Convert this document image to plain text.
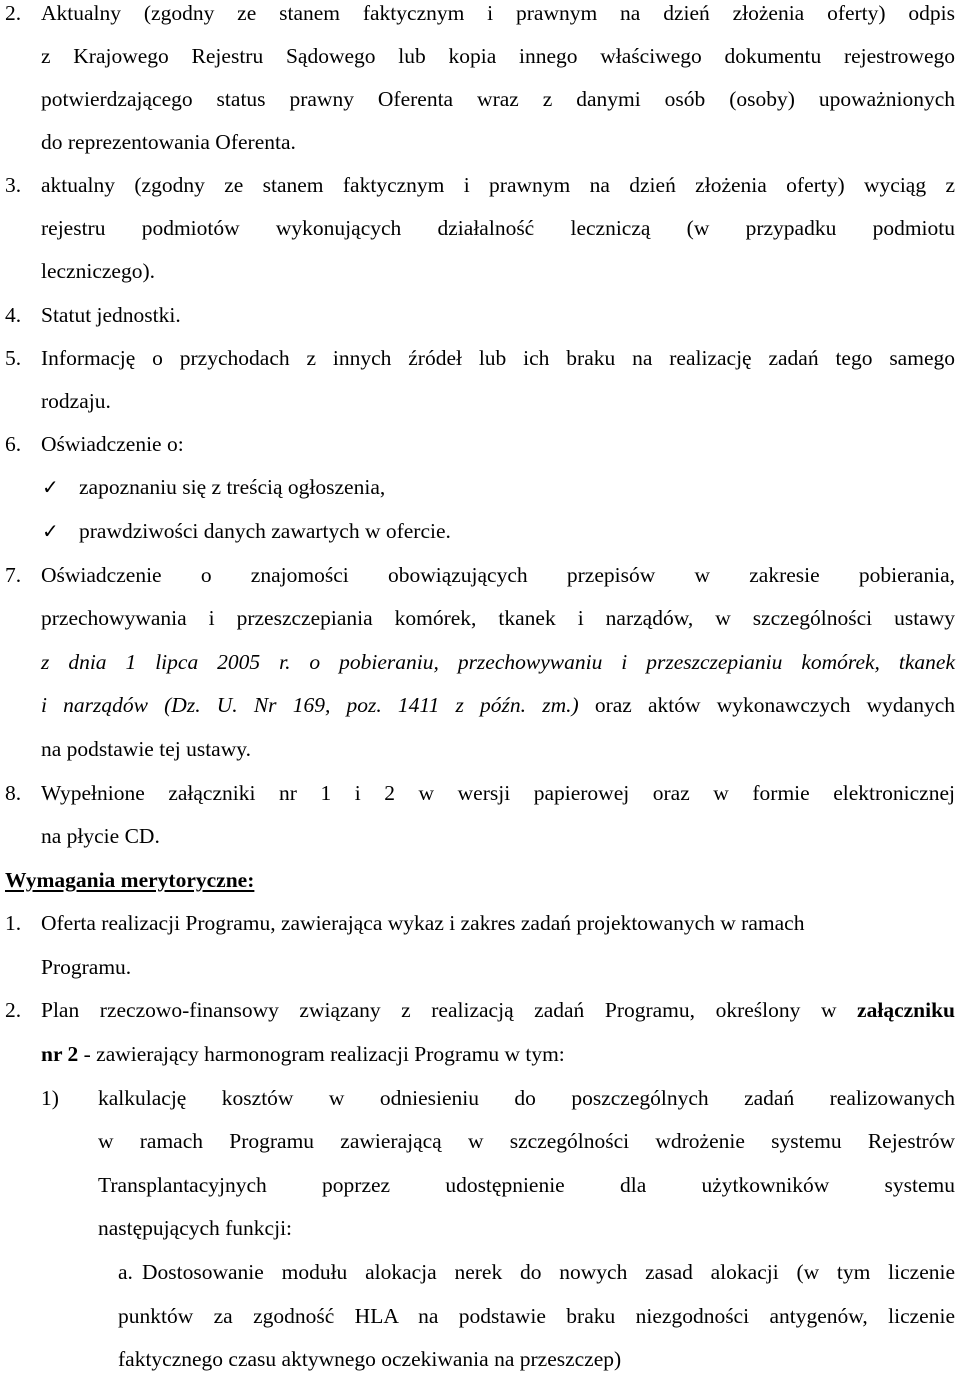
2. Aktualny (zgodny ze stanem faktycznym i prawnym na dzień złożenia oferty) odpis
z Krajowego Rejestru Sądowego lub kopia innego właściwego dokumentu rejestrowego
potwierdzającego status prawny Oferenta wraz z danymi osób (osoby) upoważnionych
do reprezentowania Oferenta.
3. aktualny (zgodny ze stanem faktycznym i prawnym na dzień złożenia oferty) wyciąg z
rejestru podmiotów wykonujących działalność leczniczą (w przypadku podmiotu
leczniczego).
4. Statut jednostki.
5. Informację o przychodach z innych źródeł lub ich braku na realizację zadań tego samego
rodzaju.
6. Oświadczenie o:
✓ zapoznaniu się z treścią ogłoszenia,
✓ prawdziwości danych zawartych w ofercie.
7. Oświadczenie o znajomości obowiązujących przepisów w zakresie pobierania,
przechowywania i przeszczepiania komórek, tkanek i narządów, w szczególności ustawy
z dnia 1 lipca 2005 r. o pobieraniu, przechowywaniu i przeszczepianiu komórek, tkanek
i narządów (Dz. U. Nr 169, poz. 1411 z późn. zm.) oraz aktów wykonawczych wydanych
na podstawie tej ustawy.
8. Wypełnione załączniki nr 1 i 2 w wersji papierowej oraz w formie elektronicznej
na płycie CD.
Wymagania merytoryczne:
1. Oferta realizacji Programu, zawierająca wykaz i zakres zadań projektowanych w ramach
Programu.
2. Plan rzeczowo-finansowy związany z realizacją zadań Programu, określony w załączniku
nr 2 - zawierający harmonogram realizacji Programu w tym:
1) kalkulację kosztów w odniesieniu do poszczególnych zadań realizowanych
w ramach Programu zawierającą w szczególności wdrożenie systemu Rejestrów
Transplantacyjnych poprzez udostępnienie dla użytkowników systemu
następujących funkcji:
a. Dostosowanie modułu alokacja nerek do nowych zasad alokacji (w tym liczenie
punktów za zgodność HLA na podstawie braku niezgodności antygenów, liczenie
faktycznego czasu aktywnego oczekiwania na przeszczep)
